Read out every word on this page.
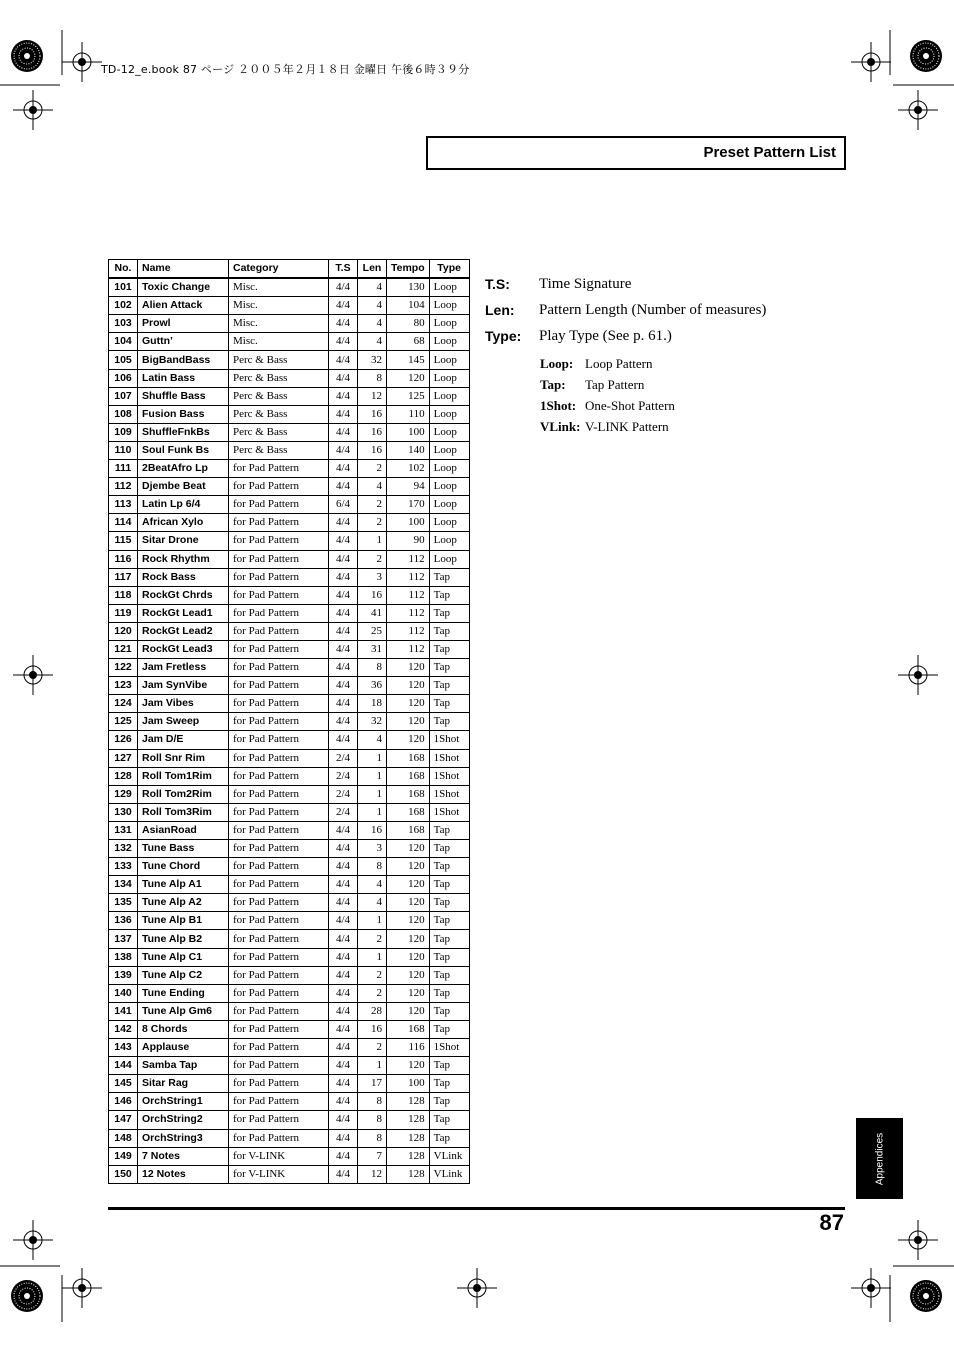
TD-12_e.book 87 ページ ２００５年２月１８日 金曜日 午後６時３９分
Preset Pattern List
No.	Name	Category	T.S	Len	Tempo	Type
101	Toxic Change	Misc.	4/4	4	130	Loop
102	Alien Attack	Misc.	4/4	4	104	Loop
103	Prowl	Misc.	4/4	4	80	Loop
104	Guttn’	Misc.	4/4	4	68	Loop
105	BigBandBass	Perc & Bass	4/4	32	145	Loop
106	Latin Bass	Perc & Bass	4/4	8	120	Loop
107	Shuffle Bass	Perc & Bass	4/4	12	125	Loop
108	Fusion Bass	Perc & Bass	4/4	16	110	Loop
109	ShuffleFnkBs	Perc & Bass	4/4	16	100	Loop
110	Soul Funk Bs	Perc & Bass	4/4	16	140	Loop
111	2BeatAfro Lp	for Pad Pattern	4/4	2	102	Loop
112	Djembe Beat	for Pad Pattern	4/4	4	94	Loop
113	Latin Lp 6/4	for Pad Pattern	6/4	2	170	Loop
114	African Xylo	for Pad Pattern	4/4	2	100	Loop
115	Sitar Drone	for Pad Pattern	4/4	1	90	Loop
116	Rock Rhythm	for Pad Pattern	4/4	2	112	Loop
117	Rock Bass	for Pad Pattern	4/4	3	112	Tap
118	RockGt Chrds	for Pad Pattern	4/4	16	112	Tap
119	RockGt Lead1	for Pad Pattern	4/4	41	112	Tap
120	RockGt Lead2	for Pad Pattern	4/4	25	112	Tap
121	RockGt Lead3	for Pad Pattern	4/4	31	112	Tap
122	Jam Fretless	for Pad Pattern	4/4	8	120	Tap
123	Jam SynVibe	for Pad Pattern	4/4	36	120	Tap
124	Jam Vibes	for Pad Pattern	4/4	18	120	Tap
125	Jam Sweep	for Pad Pattern	4/4	32	120	Tap
126	Jam D/E	for Pad Pattern	4/4	4	120	1Shot
127	Roll Snr Rim	for Pad Pattern	2/4	1	168	1Shot
128	Roll Tom1Rim	for Pad Pattern	2/4	1	168	1Shot
129	Roll Tom2Rim	for Pad Pattern	2/4	1	168	1Shot
130	Roll Tom3Rim	for Pad Pattern	2/4	1	168	1Shot
131	AsianRoad	for Pad Pattern	4/4	16	168	Tap
132	Tune Bass	for Pad Pattern	4/4	3	120	Tap
133	Tune Chord	for Pad Pattern	4/4	8	120	Tap
134	Tune Alp A1	for Pad Pattern	4/4	4	120	Tap
135	Tune Alp A2	for Pad Pattern	4/4	4	120	Tap
136	Tune Alp B1	for Pad Pattern	4/4	1	120	Tap
137	Tune Alp B2	for Pad Pattern	4/4	2	120	Tap
138	Tune Alp C1	for Pad Pattern	4/4	1	120	Tap
139	Tune Alp C2	for Pad Pattern	4/4	2	120	Tap
140	Tune Ending	for Pad Pattern	4/4	2	120	Tap
141	Tune Alp Gm6	for Pad Pattern	4/4	28	120	Tap
142	8 Chords	for Pad Pattern	4/4	16	168	Tap
143	Applause	for Pad Pattern	4/4	2	116	1Shot
144	Samba Tap	for Pad Pattern	4/4	1	120	Tap
145	Sitar Rag	for Pad Pattern	4/4	17	100	Tap
146	OrchString1	for Pad Pattern	4/4	8	128	Tap
147	OrchString2	for Pad Pattern	4/4	8	128	Tap
148	OrchString3	for Pad Pattern	4/4	8	128	Tap
149	7 Notes	for V-LINK	4/4	7	128	VLink
150	12 Notes	for V-LINK	4/4	12	128	VLink
T.S: Time Signature
Len: Pattern Length (Number of measures)
Type: Play Type (See p. 61.)
Loop: Loop Pattern
Tap: Tap Pattern
1Shot: One-Shot Pattern
VLink: V-LINK Pattern
Appendices
87
